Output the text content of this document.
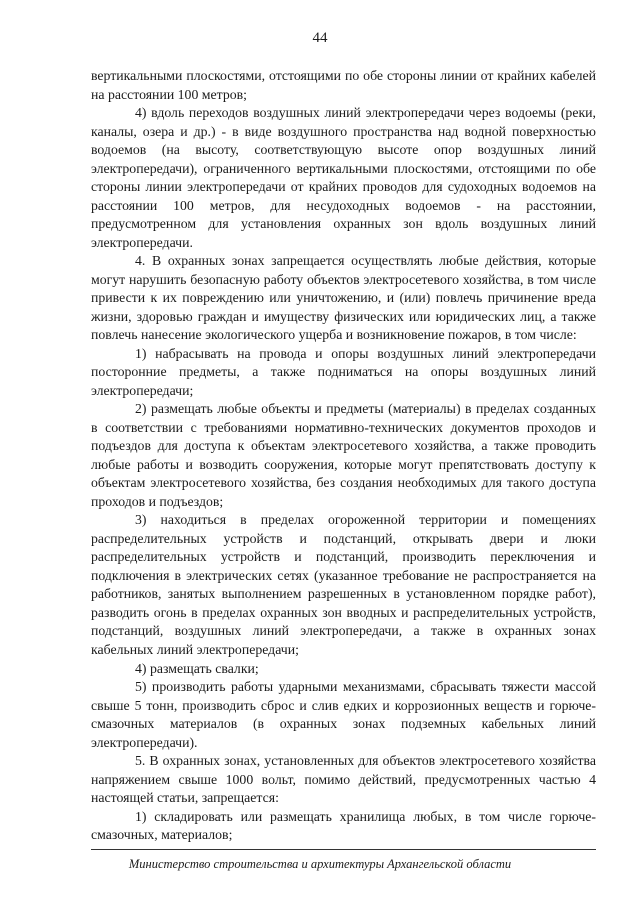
44

вертикальными плоскостями, отстоящими по обе стороны линии от крайних кабелей на расстоянии 100 метров;

4) вдоль переходов воздушных линий электропередачи через водоемы (реки, каналы, озера и др.) - в виде воздушного пространства над водной поверхностью водоемов (на высоту, соответствующую высоте опор воздушных линий электропередачи), ограниченного вертикальными плоскостями, отстоящими по обе стороны линии электропередачи от крайних проводов для судоходных водоемов на расстоянии 100 метров, для несудоходных водоемов - на расстоянии, предусмотренном для установления охранных зон вдоль воздушных линий электропередачи.

4. В охранных зонах запрещается осуществлять любые действия, которые могут нарушить безопасную работу объектов электросетевого хозяйства, в том числе привести к их повреждению или уничтожению, и (или) повлечь причинение вреда жизни, здоровью граждан и имуществу физических или юридических лиц, а также повлечь нанесение экологического ущерба и возникновение пожаров, в том числе:

1) набрасывать на провода и опоры воздушных линий электропередачи посторонние предметы, а также подниматься на опоры воздушных линий электропередачи;

2) размещать любые объекты и предметы (материалы) в пределах созданных в соответствии с требованиями нормативно-технических документов проходов и подъездов для доступа к объектам электросетевого хозяйства, а также проводить любые работы и возводить сооружения, которые могут препятствовать доступу к объектам электросетевого хозяйства, без создания необходимых для такого доступа проходов и подъездов;

3) находиться в пределах огороженной территории и помещениях распределительных устройств и подстанций, открывать двери и люки распределительных устройств и подстанций, производить переключения и подключения в электрических сетях (указанное требование не распространяется на работников, занятых выполнением разрешенных в установленном порядке работ), разводить огонь в пределах охранных зон вводных и распределительных устройств, подстанций, воздушных линий электропередачи, а также в охранных зонах кабельных линий электропередачи;

4) размещать свалки;

5) производить работы ударными механизмами, сбрасывать тяжести массой свыше 5 тонн, производить сброс и слив едких и коррозионных веществ и горюче-смазочных материалов (в охранных зонах подземных кабельных линий электропередачи).

5. В охранных зонах, установленных для объектов электросетевого хозяйства напряжением свыше 1000 вольт, помимо действий, предусмотренных частью 4 настоящей статьи, запрещается:

1) складировать или размещать хранилища любых, в том числе горюче-смазочных, материалов;

Министерство строительства и архитектуры Архангельской области
